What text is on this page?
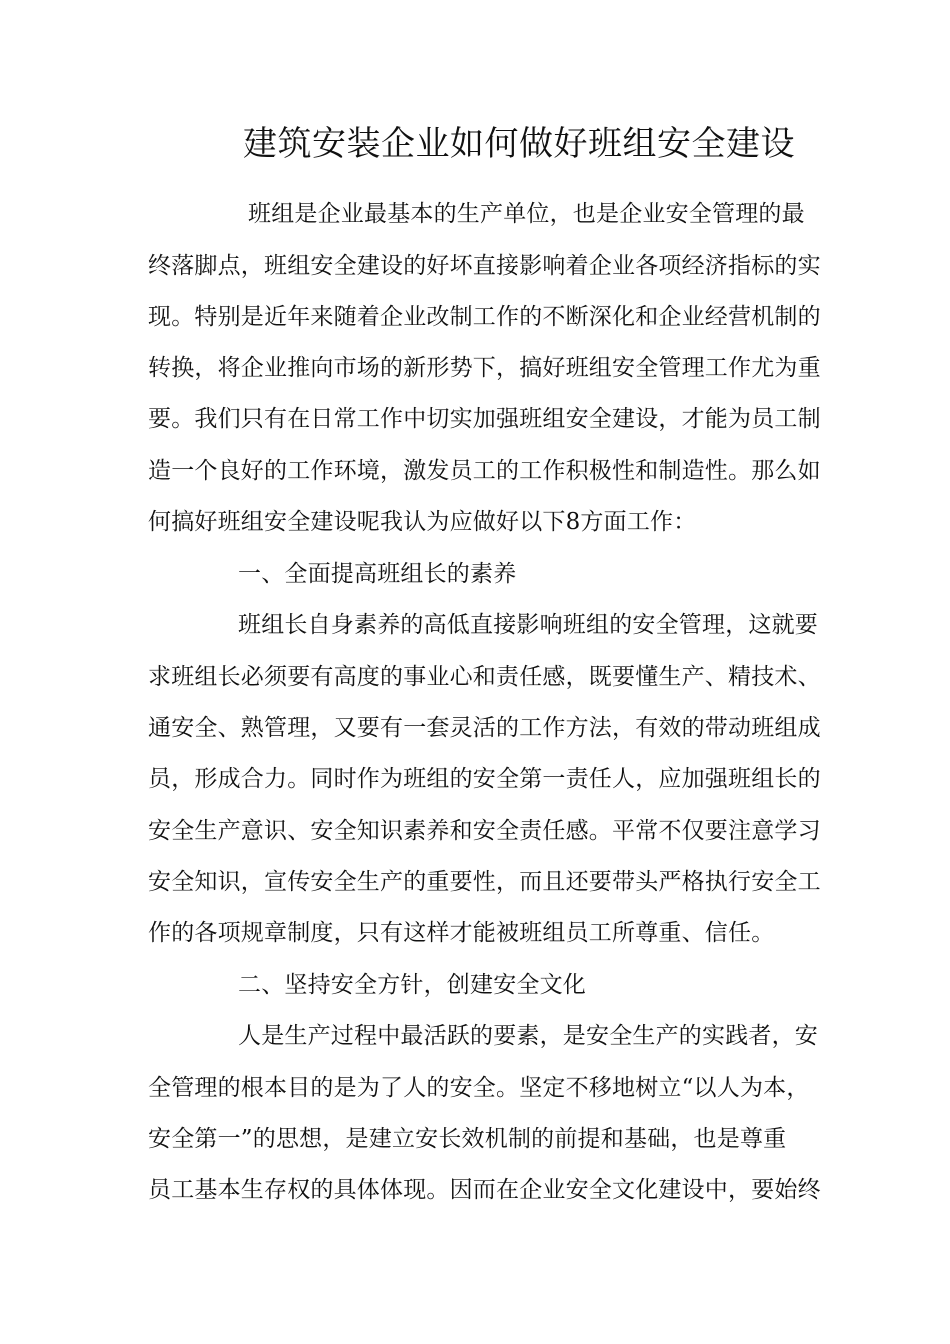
建筑安装企业如何做好班组安全建设

班组是企业最基本的生产单位，也是企业安全管理的最

终落脚点，班组安全建设的好坏直接影响着企业各项经济指标的实

现。特别是近年来随着企业改制工作的不断深化和企业经营机制的

转换，将企业推向市场的新形势下，搞好班组安全管理工作尤为重

要。我们只有在日常工作中切实加强班组安全建设，才能为员工制

造一个良好的工作环境，激发员工的工作积极性和制造性。那么如

何搞好班组安全建设呢我认为应做好以下8方面工作：

一、全面提高班组长的素养

班组长自身素养的高低直接影响班组的安全管理，这就要

求班组长必须要有高度的事业心和责任感，既要懂生产、精技术、

通安全、熟管理，又要有一套灵活的工作方法，有效的带动班组成

员，形成合力。同时作为班组的安全第一责任人，应加强班组长的

安全生产意识、安全知识素养和安全责任感。平常不仅要注意学习

安全知识，宣传安全生产的重要性，而且还要带头严格执行安全工

作的各项规章制度，只有这样才能被班组员工所尊重、信任。

二、坚持安全方针，创建安全文化

人是生产过程中最活跃的要素，是安全生产的实践者，安

全管理的根本目的是为了人的安全。坚定不移地树立“以人为本，

安全第一”的思想，是建立安长效机制的前提和基础，也是尊重

员工基本生存权的具体体现。因而在企业安全文化建设中，要始终
